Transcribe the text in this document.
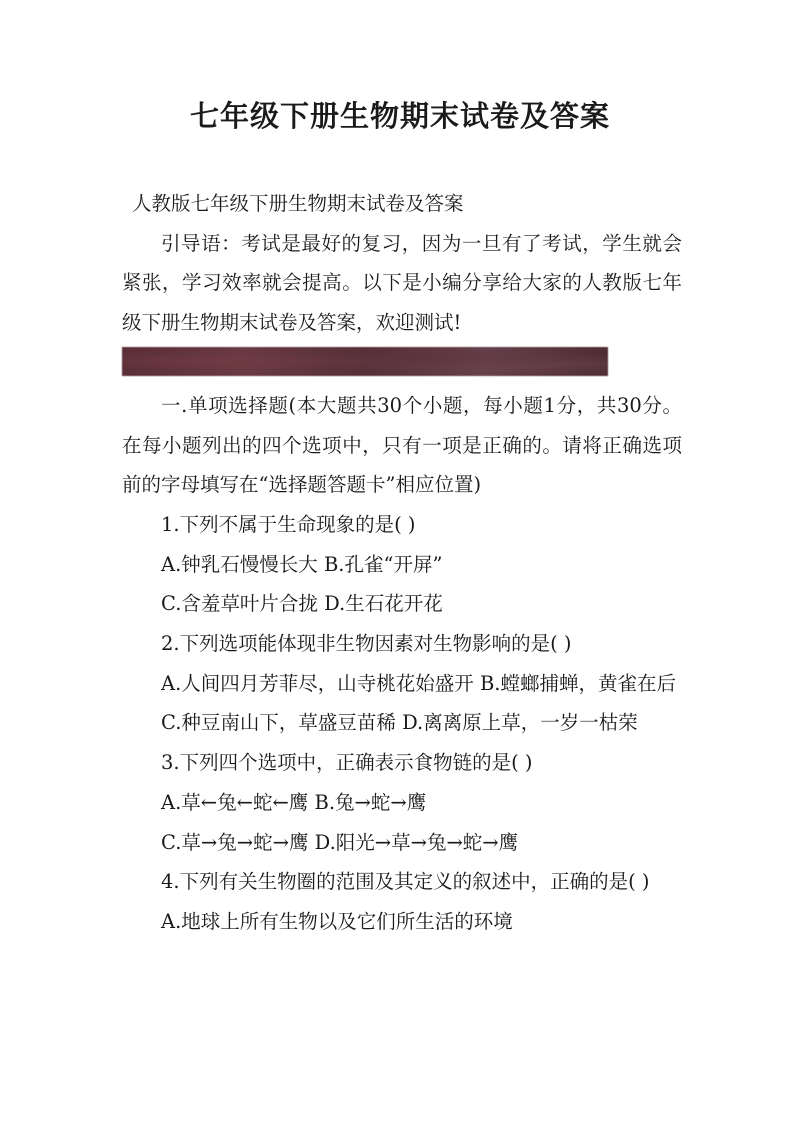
七年级下册生物期末试卷及答案

人教版七年级下册生物期末试卷及答案

引导语：考试是最好的复习，因为一旦有了考试，学生就会紧张，学习效率就会提高。以下是小编分享给大家的人教版七年级下册生物期末试卷及答案，欢迎测试!

一.单项选择题(本大题共30个小题，每小题1分，共30分。在每小题列出的四个选项中，只有一项是正确的。请将正确选项前的字母填写在“选择题答题卡”相应位置)

1.下列不属于生命现象的是( )

A.钟乳石慢慢长大 B.孔雀“开屏”

C.含羞草叶片合拢 D.生石花开花

2.下列选项能体现非生物因素对生物影响的是( )

A.人间四月芳菲尽，山寺桃花始盛开 B.螳螂捕蝉，黄雀在后

C.种豆南山下，草盛豆苗稀 D.离离原上草，一岁一枯荣

3.下列四个选项中，正确表示食物链的是( )

A.草←兔←蛇←鹰 B.兔→蛇→鹰

C.草→兔→蛇→鹰 D.阳光→草→兔→蛇→鹰

4.下列有关生物圈的范围及其定义的叙述中，正确的是( )

A.地球上所有生物以及它们所生活的环境
